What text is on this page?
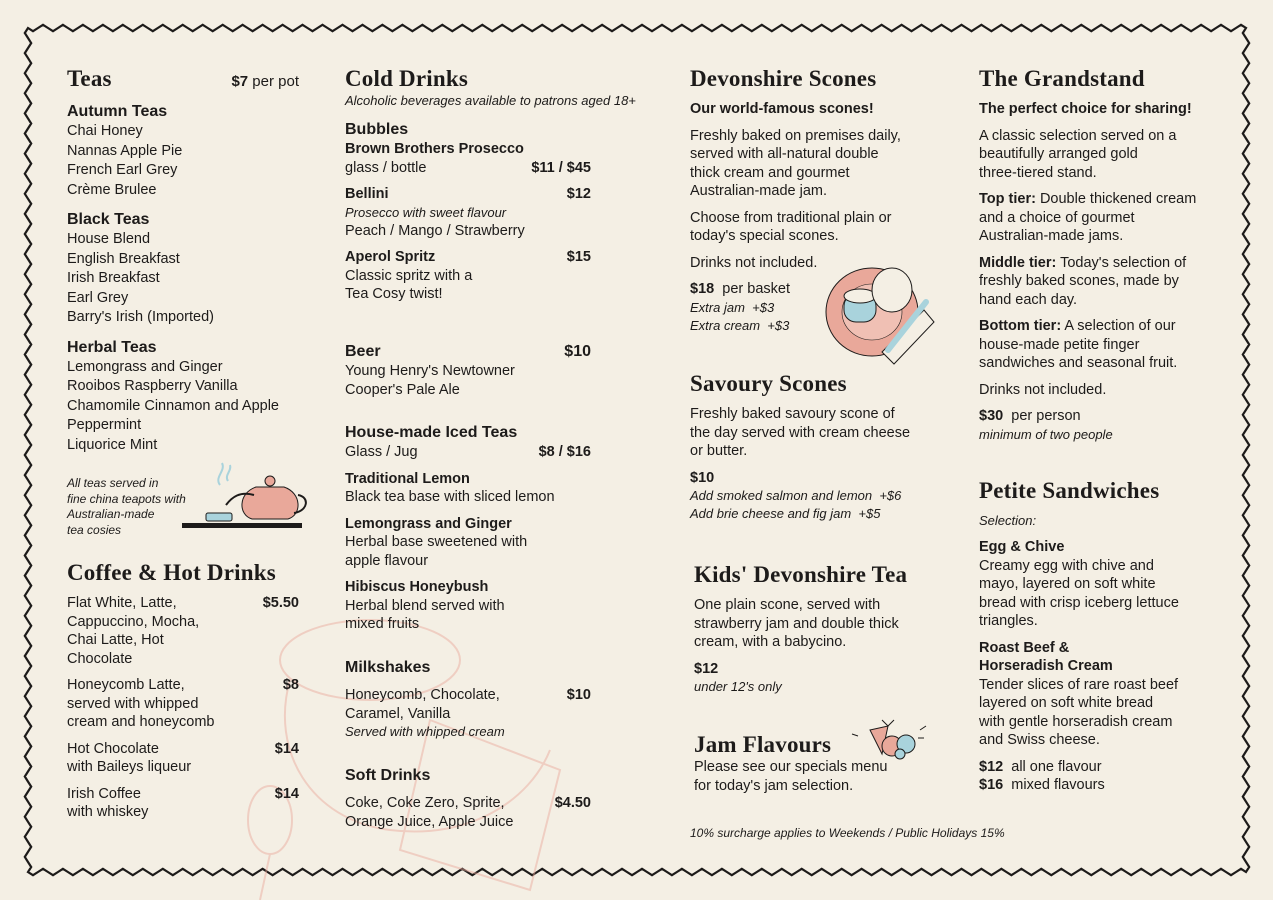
Teas	$7 per pot
Autumn Teas
Chai Honey
Nannas Apple Pie
French Earl Grey
Crème Brulee
Black Teas
House Blend
English Breakfast
Irish Breakfast
Earl Grey
Barry's Irish (Imported)
Herbal Teas
Lemongrass and Ginger
Rooibos Raspberry Vanilla
Chamomile Cinnamon and Apple
Peppermint
Liquorice Mint
All teas served in
fine china teapots with
Australian-made
tea cosies
Coffee & Hot Drinks
Flat White, Latte,
Cappuccino, Mocha,
Chai Latte, Hot
Chocolate
$5.50
Honeycomb Latte,
served with whipped
cream and honeycomb
$8
Hot Chocolate
with Baileys liqueur
$14
Irish Coffee
with whiskey
$14
Cold Drinks
Alcoholic beverages available to patrons aged 18+
Bubbles
Brown Brothers Prosecco
glass / bottle	$11 / $45
Bellini	$12
Prosecco with sweet flavour
Peach / Mango / Strawberry
Aperol Spritz	$15
Classic spritz with a
Tea Cosy twist!
Beer	$10
Young Henry's Newtowner
Cooper's Pale Ale
House-made Iced Teas
Glass / Jug	$8 / $16
Traditional Lemon
Black tea base with sliced lemon
Lemongrass and Ginger
Herbal base sweetened with
apple flavour
Hibiscus Honeybush
Herbal blend served with
mixed fruits
Milkshakes
Honeycomb, Chocolate,
Caramel, Vanilla
$10
Served with whipped cream
Soft Drinks
Coke, Coke Zero, Sprite,
Orange Juice, Apple Juice
$4.50
Devonshire Scones
Our world-famous scones!
Freshly baked on premises daily,
served with all-natural double
thick cream and gourmet
Australian-made jam.
Choose from traditional plain or
today's special scones.
Drinks not included.
$18 per basket
Extra jam  +$3
Extra cream  +$3
Savoury Scones
Freshly baked savoury scone of
the day served with cream cheese
or butter.
$10
Add smoked salmon and lemon  +$6
Add brie cheese and fig jam  +$5
Kids' Devonshire Tea
One plain scone, served with
strawberry jam and double thick
cream, with a babycino.
$12
under 12's only
Jam Flavours
Please see our specials menu
for today's jam selection.
10% surcharge applies to Weekends / Public Holidays 15%
The Grandstand
The perfect choice for sharing!
A classic selection served on a
beautifully arranged gold
three-tiered stand.
Top tier: Double thickened cream
and a choice of gourmet
Australian-made jams.
Middle tier: Today's selection of
freshly baked scones, made by
hand each day.
Bottom tier: A selection of our
house-made petite finger
sandwiches and seasonal fruit.
Drinks not included.
$30 per person
minimum of two people
Petite Sandwiches
Selection:
Egg & Chive
Creamy egg with chive and
mayo, layered on soft white
bread with crisp iceberg lettuce
triangles.
Roast Beef &
Horseradish Cream
Tender slices of rare roast beef
layered on soft white bread
with gentle horseradish cream
and Swiss cheese.
$12 all one flavour
$16 mixed flavours
